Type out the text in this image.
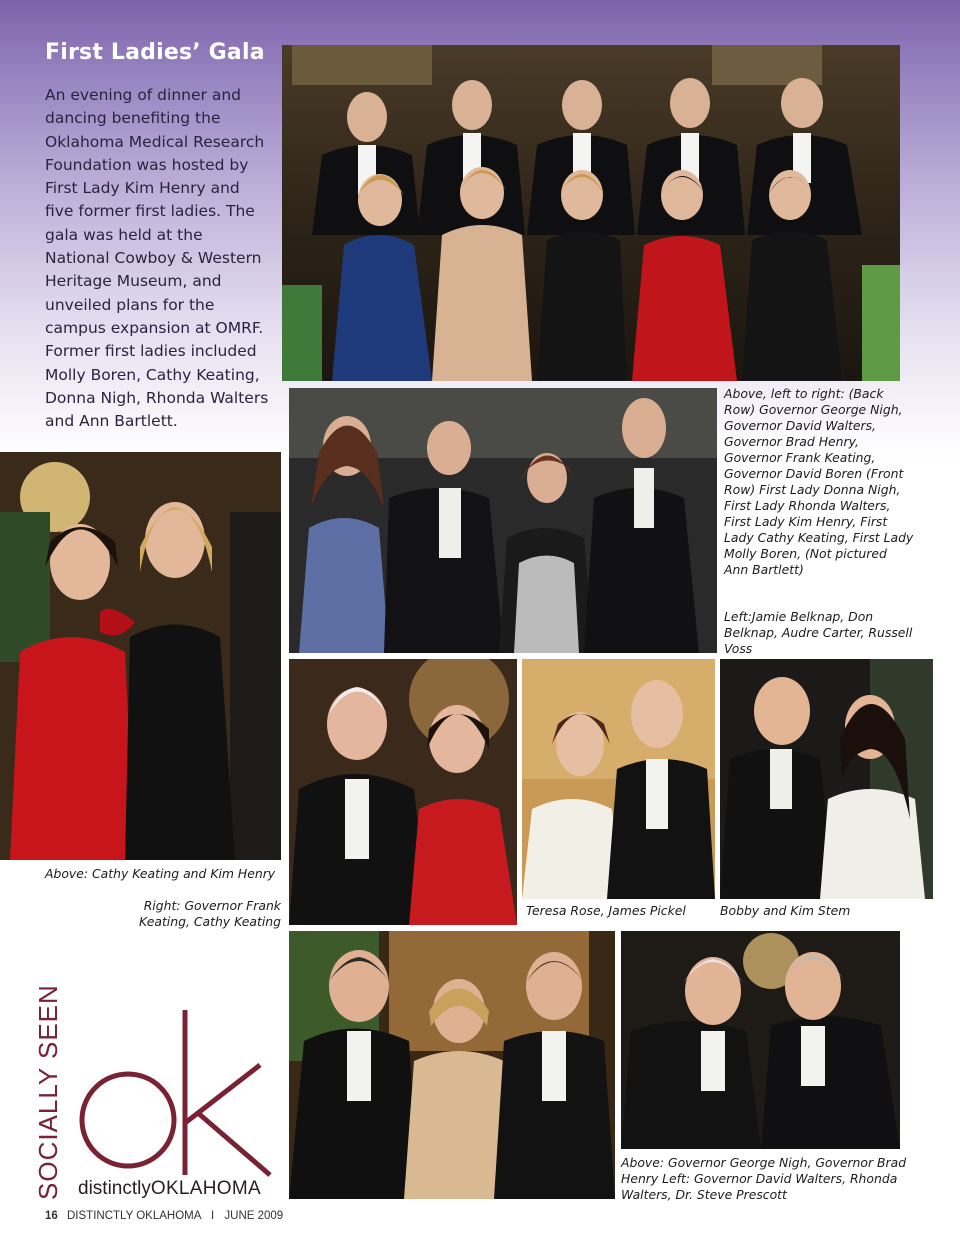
First Ladies’ Gala

An evening of dinner and dancing benefiting the Oklahoma Medical Research Foundation was hosted by First Lady Kim Henry and five former first ladies. The gala was held at the National Cowboy & Western Heritage Museum, and unveiled plans for the campus expansion at OMRF. Former first ladies included Molly Boren, Cathy Keating, Donna Nigh, Rhonda Walters and Ann Bartlett.

Above, left to right: (Back Row) Governor George Nigh, Governor David Walters, Governor Brad Henry, Governor Frank Keating, Governor David Boren (Front Row) First Lady Donna Nigh, First Lady Rhonda Walters, First Lady Kim Henry, First Lady Cathy Keating, First Lady Molly Boren, (Not pictured Ann Bartlett)
Left:Jamie Belknap, Don Belknap, Audre Carter, Russell Voss
Above: Cathy Keating and Kim Henry
Right: Governor Frank Keating, Cathy Keating
Teresa Rose, James Pickel	Bobby and Kim Stem
Above: Governor George Nigh, Governor Brad Henry Left: Governor David Walters, Rhonda Walters, Dr. Steve Prescott
SOCIALLY SEEN distinctlyOKLAHOMA
16 DISTINCTLY OKLAHOMA I JUNE 2009
